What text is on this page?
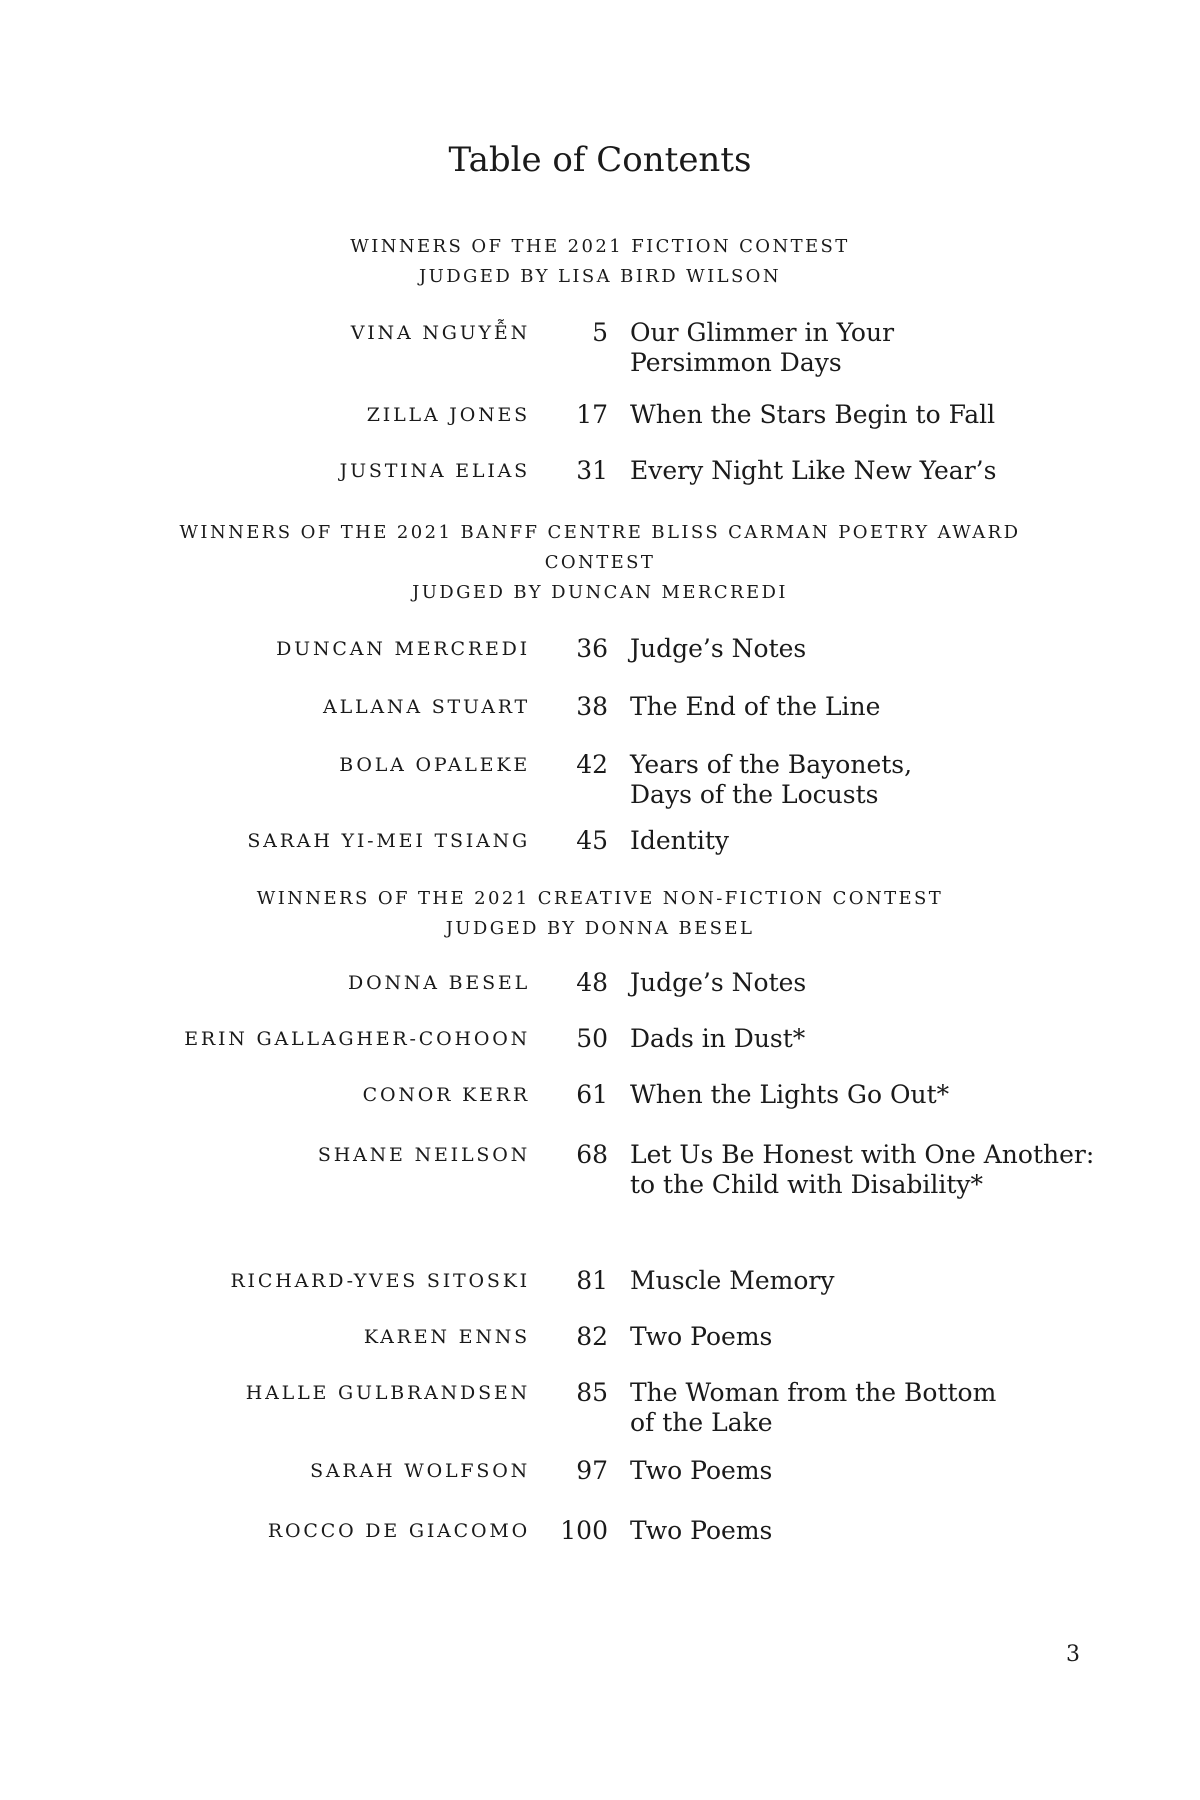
Table of Contents
WINNERS OF THE 2021 FICTION CONTEST
JUDGED BY LISA BIRD WILSON
VINA NGUYỄN	5 Our Glimmer in Your
Persimmon Days
ZILLA JONES	17 When the Stars Begin to Fall
JUSTINA ELIAS	31 Every Night Like New Year’s
WINNERS OF THE 2021 BANFF CENTRE BLISS CARMAN POETRY AWARD
CONTEST
JUDGED BY DUNCAN MERCREDI
DUNCAN MERCREDI	36 Judge’s Notes
ALLANA STUART	38 The End of the Line
BOLA OPALEKE	42 Years of the Bayonets,
Days of the Locusts
SARAH YI-MEI TSIANG	45 Identity
WINNERS OF THE 2021 CREATIVE NON-FICTION CONTEST
JUDGED BY DONNA BESEL
DONNA BESEL	48 Judge’s Notes
ERIN GALLAGHER-COHOON	50 Dads in Dust*
CONOR KERR	61 When the Lights Go Out*
SHANE NEILSON	68 Let Us Be Honest with One Another:
to the Child with Disability*
RICHARD-YVES SITOSKI	81 Muscle Memory
KAREN ENNS	82 Two Poems
HALLE GULBRANDSEN	85 The Woman from the Bottom
of the Lake
SARAH WOLFSON	97 Two Poems
ROCCO DE GIACOMO	100 Two Poems
3
